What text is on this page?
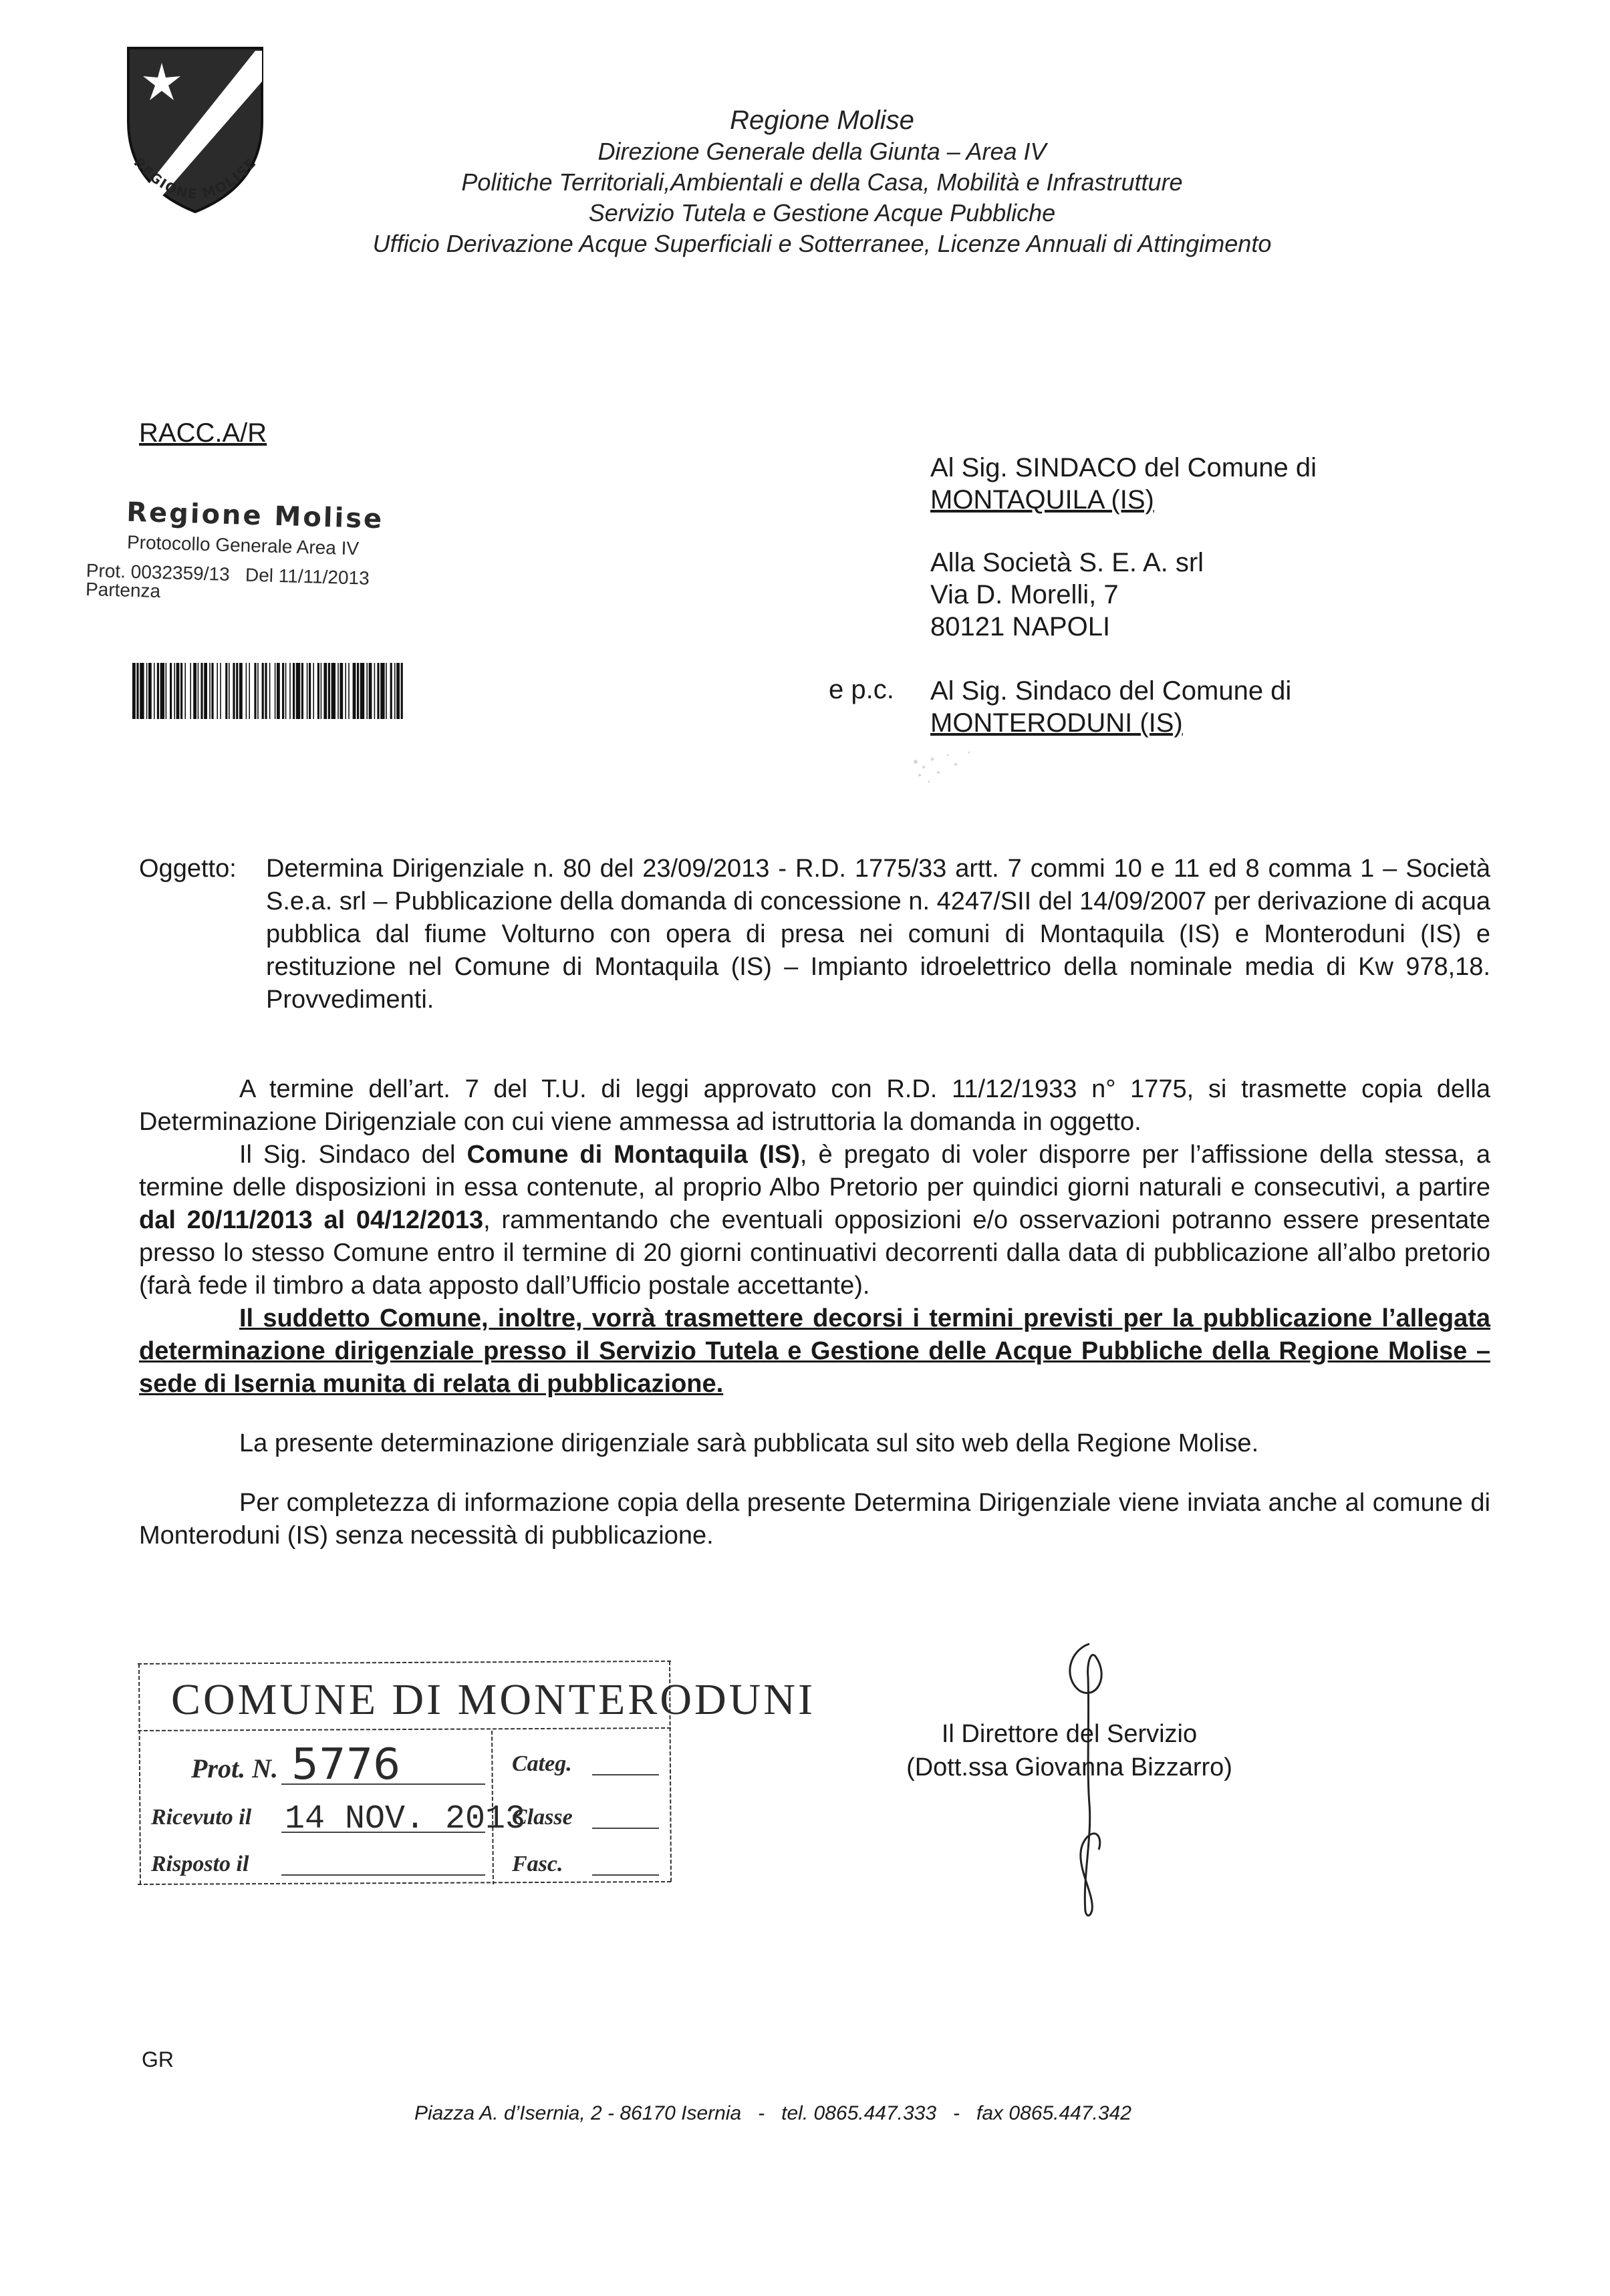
REGIONE MOLISE
Regione Molise
Direzione Generale della Giunta – Area IV
Politiche Territoriali,Ambientali e della Casa, Mobilità e Infrastrutture
Servizio Tutela e Gestione Acque Pubbliche
Ufficio Derivazione Acque Superficiali e Sotterranee, Licenze Annuali di Attingimento
RACC.A/R
Regione Molise
Protocollo Generale Area IV
Prot. 0032359/13 Del 11/11/2013
Partenza
Al Sig. SINDACO del Comune di
MONTAQUILA (IS)
Alla Società S. E. A. srl
Via D. Morelli, 7
80121 NAPOLI
e p.c. Al Sig. Sindaco del Comune di
MONTERODUNI (IS)
Oggetto: Determina Dirigenziale n. 80 del 23/09/2013 - R.D. 1775/33 artt. 7 commi 10 e 11 ed 8 comma 1 – Società S.e.a. srl – Pubblicazione della domanda di concessione n. 4247/SII del 14/09/2007 per derivazione di acqua pubblica dal fiume Volturno con opera di presa nei comuni di Montaquila (IS) e Monteroduni (IS) e restituzione nel Comune di Montaquila (IS) – Impianto idroelettrico della nominale media di Kw 978,18. Provvedimenti.

A termine dell’art. 7 del T.U. di leggi approvato con R.D. 11/12/1933 n° 1775, si trasmette copia della Determinazione Dirigenziale con cui viene ammessa ad istruttoria la domanda in oggetto.

Il Sig. Sindaco del Comune di Montaquila (IS), è pregato di voler disporre per l’affissione della stessa, a termine delle disposizioni in essa contenute, al proprio Albo Pretorio per quindici giorni naturali e consecutivi, a partire dal 20/11/2013 al 04/12/2013, rammentando che eventuali opposizioni e/o osservazioni potranno essere presentate presso lo stesso Comune entro il termine di 20 giorni continuativi decorrenti dalla data di pubblicazione all’albo pretorio (farà fede il timbro a data apposto dall’Ufficio postale accettante).

Il suddetto Comune, inoltre, vorrà trasmettere decorsi i termini previsti per la pubblicazione l’allegata determinazione dirigenziale presso il Servizio Tutela e Gestione delle Acque Pubbliche della Regione Molise – sede di Isernia munita di relata di pubblicazione.

La presente determinazione dirigenziale sarà pubblicata sul sito web della Regione Molise.

Per completezza di informazione copia della presente Determina Dirigenziale viene inviata anche al comune di Monteroduni (IS) senza necessità di pubblicazione.

COMUNE DI MONTERODUNI
Prot. N. 5776
Ricevuto il 14 NOV. 2013
Risposto il
Categ.
Classe
Fasc.
Il Direttore del Servizio
(Dott.ssa Giovanna Bizzarro)
GR
Piazza A. d’Isernia, 2 - 86170 Isernia   -   tel. 0865.447.333   -   fax 0865.447.342
